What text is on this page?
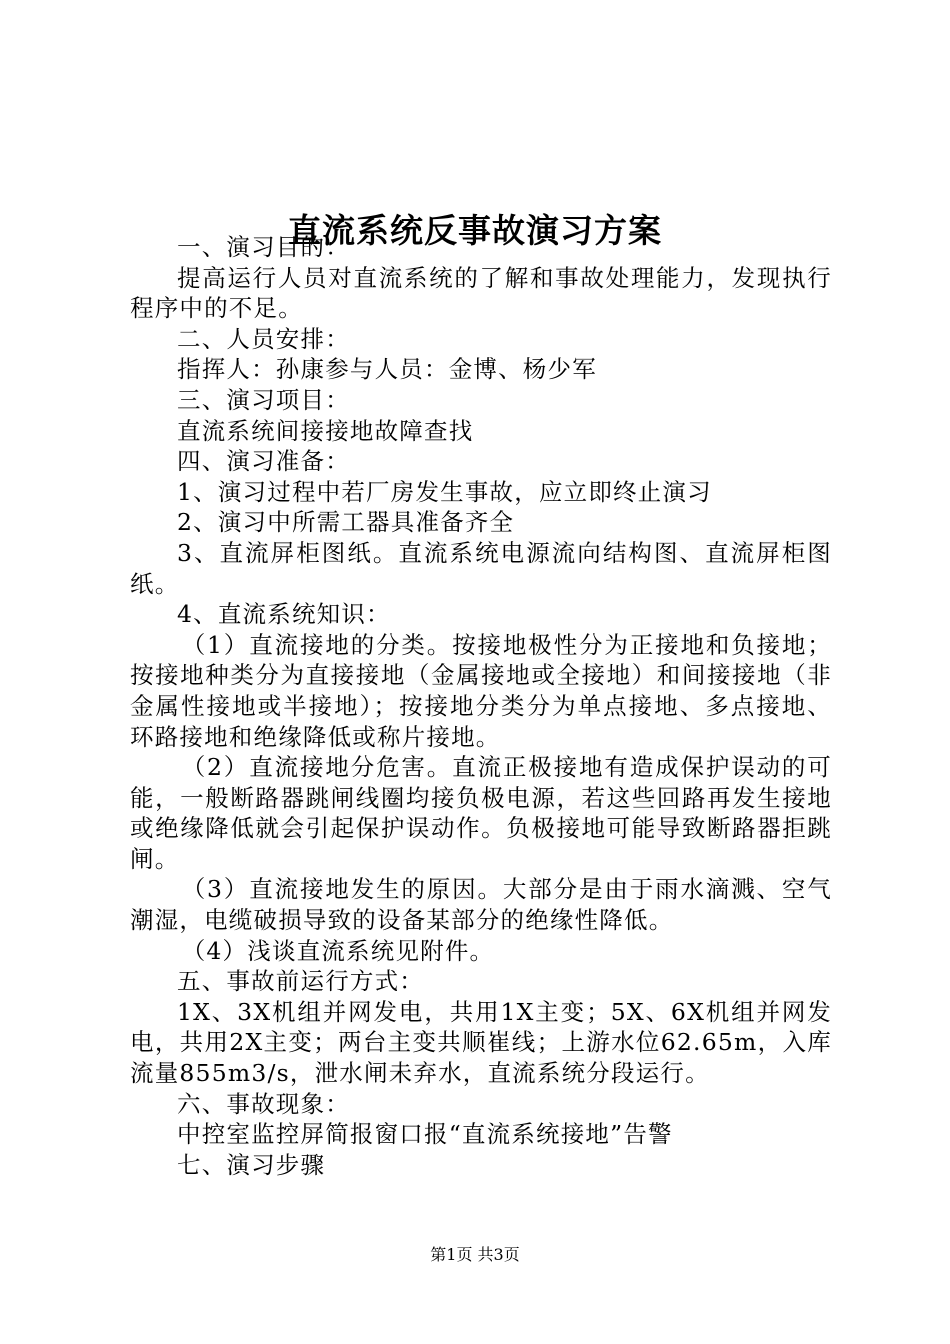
直流系统反事故演习方案

一、演习目的：

提高运行人员对直流系统的了解和事故处理能力，发现执行程序中的不足。

二、人员安排：

指挥人：孙康参与人员：金博、杨少军

三、演习项目：

直流系统间接接地故障查找

四、演习准备：

1、演习过程中若厂房发生事故，应立即终止演习

2、演习中所需工器具准备齐全

3、直流屏柜图纸。直流系统电源流向结构图、直流屏柜图纸。

4、直流系统知识：

（1）直流接地的分类。按接地极性分为正接地和负接地；按接地种类分为直接接地（金属接地或全接地）和间接接地（非金属性接地或半接地）；按接地分类分为单点接地、多点接地、环路接地和绝缘降低或称片接地。

（2）直流接地分危害。直流正极接地有造成保护误动的可能，一般断路器跳闸线圈均接负极电源，若这些回路再发生接地或绝缘降低就会引起保护误动作。负极接地可能导致断路器拒跳闸。

（3）直流接地发生的原因。大部分是由于雨水滴溅、空气潮湿，电缆破损导致的设备某部分的绝缘性降低。

（4）浅谈直流系统见附件。

五、事故前运行方式：

1X、3X机组并网发电，共用1X主变；5X、6X机组并网发电，共用2X主变；两台主变共顺崔线；上游水位62.65m，入库流量855m3/s，泄水闸未弃水，直流系统分段运行。

六、事故现象：

中控室监控屏简报窗口报“直流系统接地”告警

七、演习步骤

第1页 共3页
